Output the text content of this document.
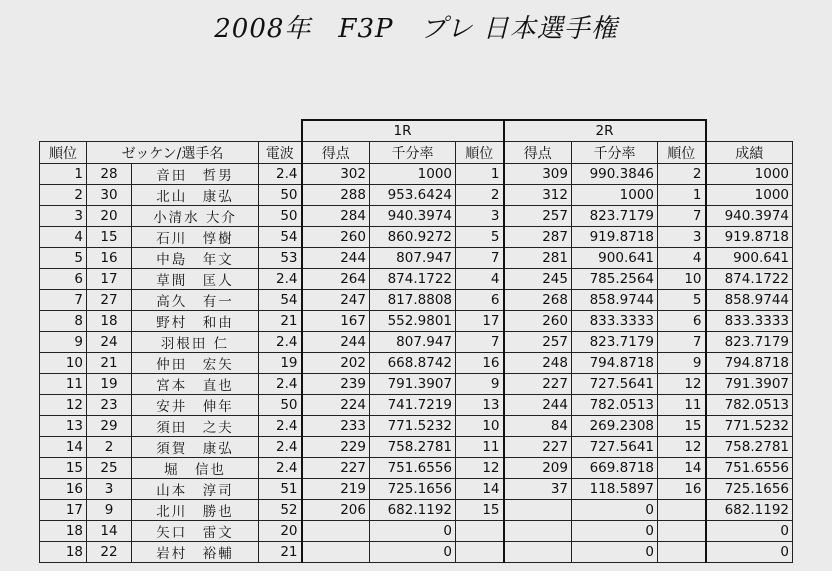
2008年　F3P　プレ 日本選手権
				1R			2R			
順位	ゼッケン/選手名		電波	得点	千分率	順位	得点	千分率	順位	成績
1	28	音田　哲男	2.4	302	1000	1	309	990.3846	2	1000
2	30	北山　康弘	50	288	953.6424	2	312	1000	1	1000
3	20	小清水 大介	50	284	940.3974	3	257	823.7179	7	940.3974
4	15	石川　惇樹	54	260	860.9272	5	287	919.8718	3	919.8718
5	16	中島　年文	53	244	807.947	7	281	900.641	4	900.641
6	17	草間　匡人	2.4	264	874.1722	4	245	785.2564	10	874.1722
7	27	高久　有一	54	247	817.8808	6	268	858.9744	5	858.9744
8	18	野村　和由	21	167	552.9801	17	260	833.3333	6	833.3333
9	24	羽根田 仁	2.4	244	807.947	7	257	823.7179	7	823.7179
10	21	仲田　宏矢	19	202	668.8742	16	248	794.8718	9	794.8718
11	19	宮本　直也	2.4	239	791.3907	9	227	727.5641	12	791.3907
12	23	安井　伸年	50	224	741.7219	13	244	782.0513	11	782.0513
13	29	須田　之夫	2.4	233	771.5232	10	84	269.2308	15	771.5232
14	2	須賀　康弘	2.4	229	758.2781	11	227	727.5641	12	758.2781
15	25	堀　信也	2.4	227	751.6556	12	209	669.8718	14	751.6556
16	3	山本　淳司	51	219	725.1656	14	37	118.5897	16	725.1656
17	9	北川　勝也	52	206	682.1192	15		0		682.1192
18	14	矢口　雷文	20		0			0		0
18	22	岩村　裕輔	21		0			0		0
